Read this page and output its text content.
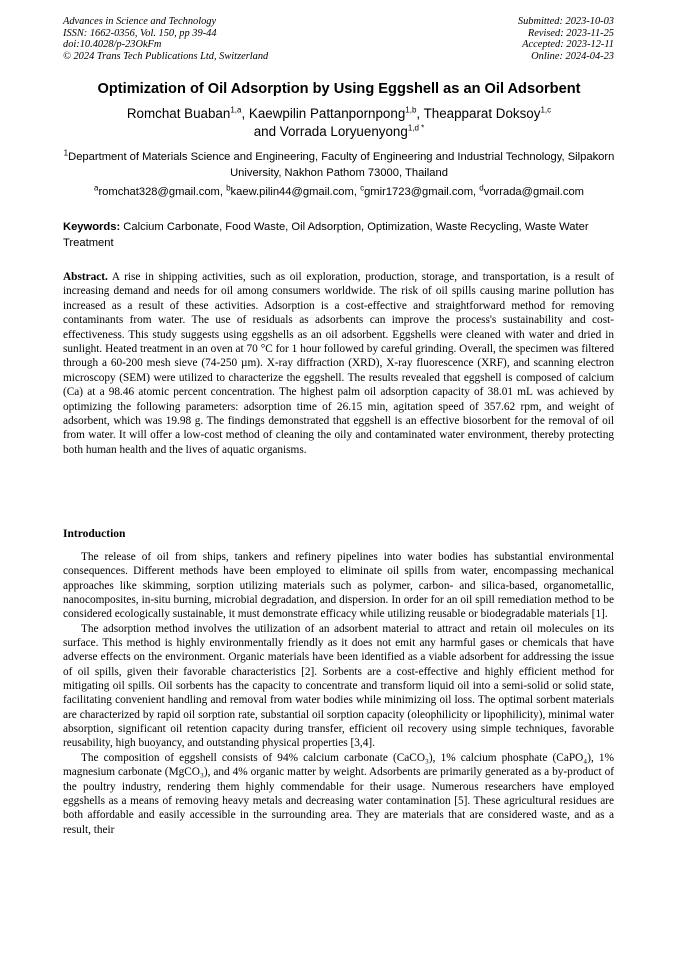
Advances in Science and Technology
ISSN: 1662-0356, Vol. 150, pp 39-44
doi:10.4028/p-23OkFm
© 2024 Trans Tech Publications Ltd, Switzerland
Submitted: 2023-10-03
Revised: 2023-11-25
Accepted: 2023-12-11
Online: 2024-04-23
Optimization of Oil Adsorption by Using Eggshell as an Oil Adsorbent
Romchat Buaban$^{1,a}$, Kaewpilin Pattanpornpong$^{1,b}$, Theapparat Doksoy$^{1,c}$
and Vorrada Loryuenyong$^{1,d *}$
$^1$Department of Materials Science and Engineering, Faculty of Engineering and Industrial Technology, Silpakorn University, Nakhon Pathom 73000, Thailand
$^a$romchat328@gmail.com, $^b$kaew.pilin44@gmail.com, $^c$gmir1723@gmail.com, $^d$vorrada@gmail.com
Keywords: Calcium Carbonate, Food Waste, Oil Adsorption, Optimization, Waste Recycling, Waste Water Treatment
Abstract. A rise in shipping activities, such as oil exploration, production, storage, and transportation, is a result of increasing demand and needs for oil among consumers worldwide. The risk of oil spills causing marine pollution has increased as a result of these activities. Adsorption is a cost-effective and straightforward method for removing contaminants from water. The use of residuals as adsorbents can improve the process's sustainability and cost-effectiveness. This study suggests using eggshells as an oil adsorbent. Eggshells were cleaned with water and dried in sunlight. Heated treatment in an oven at 70 °C for 1 hour followed by careful grinding. Overall, the specimen was filtered through a 60-200 mesh sieve (74-250 µm). X-ray diffraction (XRD), X-ray fluorescence (XRF), and scanning electron microscopy (SEM) were utilized to characterize the eggshell. The results revealed that eggshell is composed of calcium (Ca) at a 98.46 atomic percent concentration. The highest palm oil adsorption capacity of 38.01 mL was achieved by optimizing the following parameters: adsorption time of 26.15 min, agitation speed of 357.62 rpm, and weight of adsorbent, which was 19.98 g. The findings demonstrated that eggshell is an effective biosorbent for the removal of oil from water. It will offer a low-cost method of cleaning the oily and contaminated water environment, thereby protecting both human health and the lives of aquatic organisms.
Introduction

The release of oil from ships, tankers and refinery pipelines into water bodies has substantial environmental consequences. Different methods have been employed to eliminate oil spills from water, encompassing mechanical approaches like skimming, sorption utilizing materials such as polymer, carbon- and silica-based, organometallic, nanocomposites, in-situ burning, microbial degradation, and dispersion. In order for an oil spill remediation method to be considered ecologically sustainable, it must demonstrate efficacy while utilizing reusable or biodegradable materials [1].

The adsorption method involves the utilization of an adsorbent material to attract and retain oil molecules on its surface. This method is highly environmentally friendly as it does not emit any harmful gases or chemicals that have adverse effects on the environment. Organic materials have been identified as a viable adsorbent for addressing the issue of oil spills, given their favorable characteristics [2]. Sorbents are a cost-effective and highly efficient method for mitigating oil spills. Oil sorbents has the capacity to concentrate and transform liquid oil into a semi-solid or solid state, facilitating convenient handling and removal from water bodies while minimizing oil loss. The optimal sorbent materials are characterized by rapid oil sorption rate, substantial oil sorption capacity (oleophilicity or lipophilicity), minimal water absorption, significant oil retention capacity during transfer, efficient oil recovery using simple techniques, favorable reusability, high buoyancy, and outstanding physical properties [3,4].

The composition of eggshell consists of 94% calcium carbonate (CaCO₃), 1% calcium phosphate (CaPO₄), 1% magnesium carbonate (MgCO₃), and 4% organic matter by weight. Adsorbents are primarily generated as a by-product of the poultry industry, rendering them highly commendable for their usage. Numerous researchers have employed eggshells as a means of removing heavy metals and decreasing water contamination [5]. These agricultural residues are both affordable and easily accessible in the surrounding area. They are materials that are considered waste, and as a result, their
